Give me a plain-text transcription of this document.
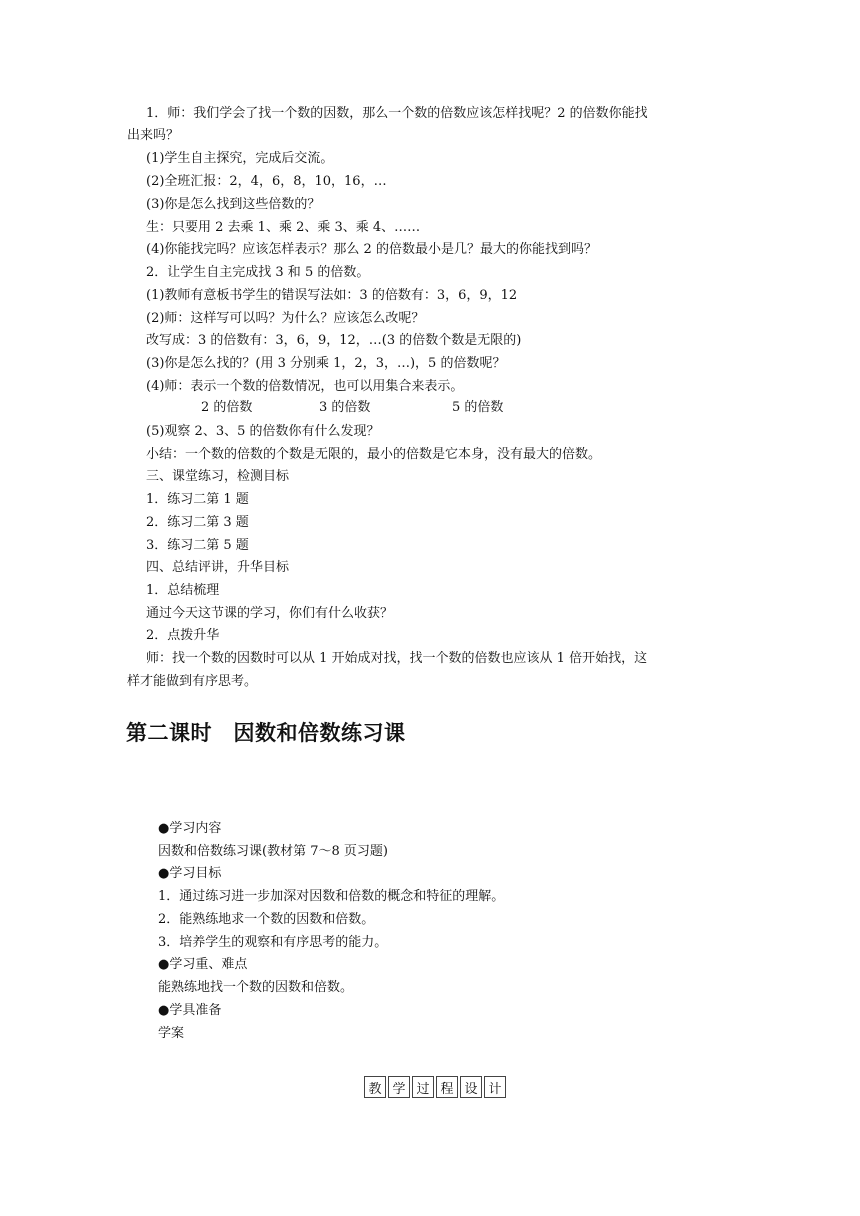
1．师：我们学会了找一个数的因数，那么一个数的倍数应该怎样找呢？2 的倍数你能找
出来吗？
(1)学生自主探究，完成后交流。
(2)全班汇报：2，4，6，8，10，16，…
(3)你是怎么找到这些倍数的？
生：只要用 2 去乘 1、乘 2、乘 3、乘 4、……
(4)你能找完吗？应该怎样表示？那么 2 的倍数最小是几？最大的你能找到吗？
2．让学生自主完成找 3 和 5 的倍数。
(1)教师有意板书学生的错误写法如：3 的倍数有：3，6，9，12
(2)师：这样写可以吗？为什么？应该怎么改呢？
改写成：3 的倍数有：3，6，9，12，…(3 的倍数个数是无限的)
(3)你是怎么找的？(用 3 分别乘 1，2，3，…)，5 的倍数呢？
(4)师：表示一个数的倍数情况，也可以用集合来表示。
2 的倍数	3 的倍数	5 的倍数
(5)观察 2、3、5 的倍数你有什么发现？
小结：一个数的倍数的个数是无限的，最小的倍数是它本身，没有最大的倍数。
三、课堂练习，检测目标
1．练习二第 1 题
2．练习二第 3 题
3．练习二第 5 题
四、总结评讲，升华目标
1．总结梳理
通过今天这节课的学习，你们有什么收获？
2．点拨升华
师：找一个数的因数时可以从 1 开始成对找，找一个数的倍数也应该从 1 倍开始找，这
样才能做到有序思考。
第二课时　因数和倍数练习课
●学习内容
因数和倍数练习课(教材第 7～8 页习题)
●学习目标
1．通过练习进一步加深对因数和倍数的概念和特征的理解。
2．能熟练地求一个数的因数和倍数。
3．培养学生的观察和有序思考的能力。
●学习重、难点
能熟练地找一个数的因数和倍数。
●学具准备
学案
教 学 过 程 设 计
